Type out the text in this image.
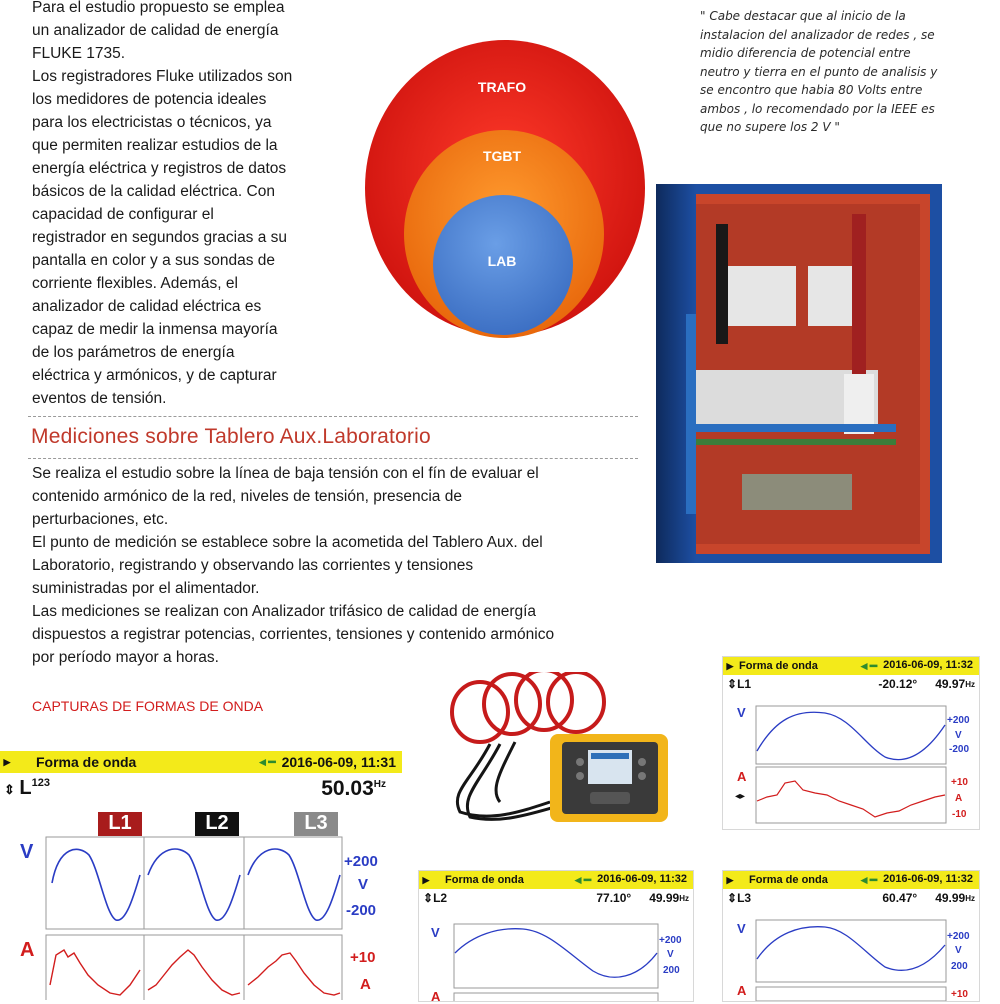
Para el estudio propuesto se emplea
un analizador de calidad de energía
FLUKE 1735.
Los registradores Fluke utilizados son
los medidores de potencia ideales
para los electricistas o técnicos, ya
que permiten realizar estudios de la
energía eléctrica y registros de datos
básicos de la calidad eléctrica. Con
capacidad de configurar el
registrador en segundos gracias a su
pantalla en color y a sus sondas de
corriente flexibles. Además, el
analizador de calidad eléctrica es
capaz de medir la inmensa mayoría
de los parámetros de energía
eléctrica y armónicos, y de capturar
eventos de tensión.
TRAFO
TGBT
LAB
" Cabe destacar que al inicio de la
instalacion del analizador de redes , se
midio diferencia de potencial entre
neutro y tierra en el punto de analisis y
se encontro que habia 80 Volts entre
ambos , lo recomendado por la IEEE es
que no supere los 2 V "
Mediciones sobre Tablero Aux.Laboratorio
Se realiza el estudio sobre la línea de baja tensión con el fín de evaluar el
contenido armónico de la red, niveles de tensión, presencia de
perturbaciones, etc.
El punto de medición se establece sobre la acometida del Tablero Aux. del
Laboratorio, registrando y observando las corrientes y tensiones
suministradas por el alimentador.
Las mediciones se realizan con Analizador trifásico de calidad de energía
dispuestos a registrar potencias, corrientes, tensiones y contenido armónico
por período mayor a horas.
CAPTURAS DE FORMAS DE ONDA
▶ Forma de onda	◄━ 2016-06-09, 11:31
⇕ $L^{123}$	$50.03^{Hz}$
L1	L2	L3
V
A
+200
V
-200
+10
A
▶ Forma de onda	◄━ 2016-06-09, 11:32
⇕ L1	-20.12° 49.97 Hz
V
A
+200
V
-200
+10
A
-10
◂▸
▶ Forma de onda	◄━ 2016-06-09, 11:32
⇕ L2	77.10° 49.99 Hz
V
A
+200
V
200
▶ Forma de onda	◄━ 2016-06-09, 11:32
⇕ L3	60.47° 49.99 Hz
V
A
+200
V
200
+10
